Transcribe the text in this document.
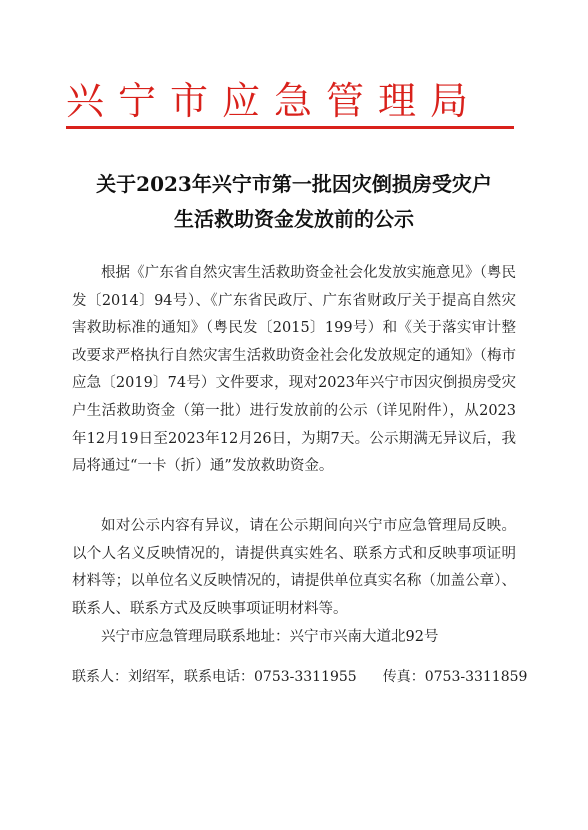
兴宁市应急管理局
关于2023年兴宁市第一批因灾倒损房受灾户
生活救助资金发放前的公示
根据《广东省自然灾害生活救助资金社会化发放实施意见》（粤民发〔2014〕94号）、《广东省民政厅、广东省财政厅关于提高自然灾害救助标准的通知》（粤民发〔2015〕199号）和《关于落实审计整改要求严格执行自然灾害生活救助资金社会化发放规定的通知》（梅市应急〔2019〕74号）文件要求，现对2023年兴宁市因灾倒损房受灾户生活救助资金（第一批）进行发放前的公示（详见附件），从2023年12月19日至2023年12月26日，为期7天。公示期满无异议后，我局将通过“一卡（折）通”发放救助资金。
如对公示内容有异议，请在公示期间向兴宁市应急管理局反映。以个人名义反映情况的，请提供真实姓名、联系方式和反映事项证明材料等；以单位名义反映情况的，请提供单位真实名称（加盖公章）、联系人、联系方式及反映事项证明材料等。
兴宁市应急管理局联系地址：兴宁市兴南大道北92号
联系人：刘绍军，联系电话：0753-3311955 传真：0753-3311859
